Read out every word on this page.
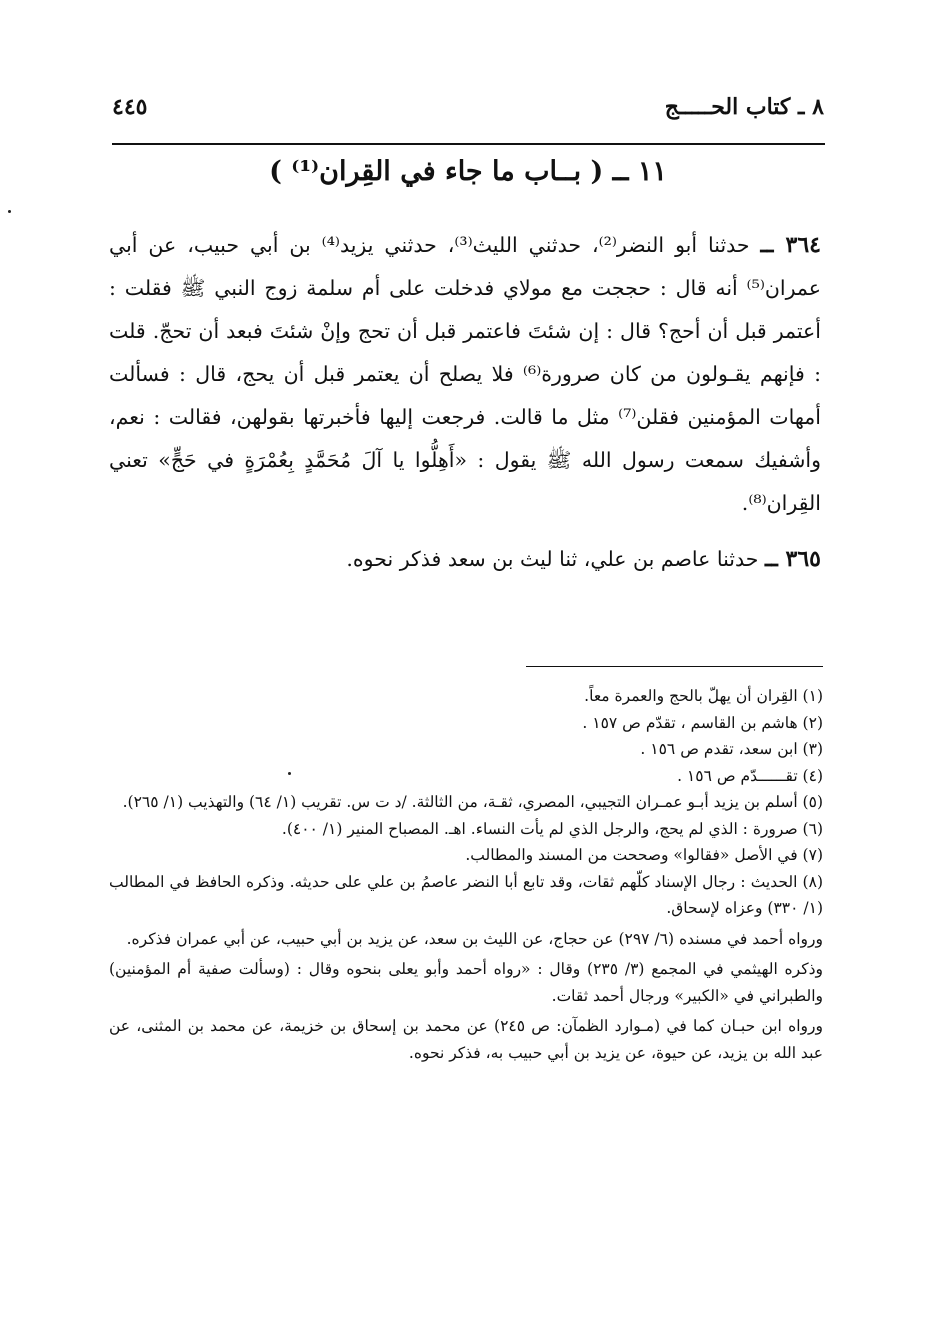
٨ ـ كتاب الحـــــج
٤٤٥
١١ ــ ( بــاب ما جاء في القِران⁽¹⁾ )
٣٦٤ ــ حدثنا أبو النضر⁽²⁾، حدثني الليث⁽³⁾، حدثني يزيد⁽⁴⁾ بن أبي حبيب، عن أبي عمران⁽⁵⁾ أنه قال : حججت مع مولاي فدخلت على أم سلمة زوج النبي ﷺ فقلت : أعتمر قبل أن أحج؟ قال : إن شئتَ فاعتمر قبل أن تحج وإنْ شئتَ فبعد أن تحجّ. قلت : فإنهم يقـولون من كان صرورة⁽⁶⁾ فلا يصلح أن يعتمر قبل أن يحج، قال : فسألت أمهات المؤمنين فقلن⁽⁷⁾ مثل ما قالت. فرجعت إليها فأخبرتها بقولهن، فقالت : نعم، وأشفيك سمعت رسول الله ﷺ يقول : «أَهِلُّوا يا آلَ مُحَمَّدٍ بِعُمْرَةٍ في حَجٍّ» تعني القِران⁽⁸⁾.
٣٦٥ ــ حدثنا عاصم بن علي، ثنا ليث بن سعد فذكر نحوه.

(١) القِران أن يهلّ بالحج والعمرة معاً.

(٢) هاشم بن القاسم ، تقدّم ص ١٥٧ .

(٣) ابن سعد، تقدم ص ١٥٦ .

(٤) تقــــــدّم ص ١٥٦ .

(٥) أسلم بن يزيد أبـو عمـران التجيبي، المصري، ثقـة، من الثالثة. /د ت س. تقريب (١/ ٦٤) والتهذيب (١/ ٢٦٥).

(٦) صرورة : الذي لم يحج، والرجل الذي لم يأت النساء. اهـ. المصباح المنير (١/ ٤٠٠).

(٧) في الأصل «فقالوا» وصححت من المسند والمطالب.

(٨) الحديث : رجال الإسناد كلّهم ثقات، وقد تابع أبا النضر عاصمُ بن علي على حديثه. وذكره الحافظ في المطالب (١/ ٣٣٠) وعزاه لإسحاق.

ورواه أحمد في مسنده (٦/ ٢٩٧) عن حجاج، عن الليث بن سعد، عن يزيد بن أبي حبيب، عن أبي عمران فذكره.

وذكره الهيثمي في المجمع (٣/ ٢٣٥) وقال : «رواه أحمد وأبو يعلى بنحوه وقال : (وسألت صفية أم المؤمنين) والطبراني في «الكبير» ورجال أحمد ثقات.

ورواه ابن حبـان كما في (مـوارد الظمآن: ص ٢٤٥) عن محمد بن إسحاق بن خزيمة، عن محمد بن المثنى، عن عبد الله بن يزيد، عن حيوة، عن يزيد بن أبي حبيب به، فذكر نحوه.
